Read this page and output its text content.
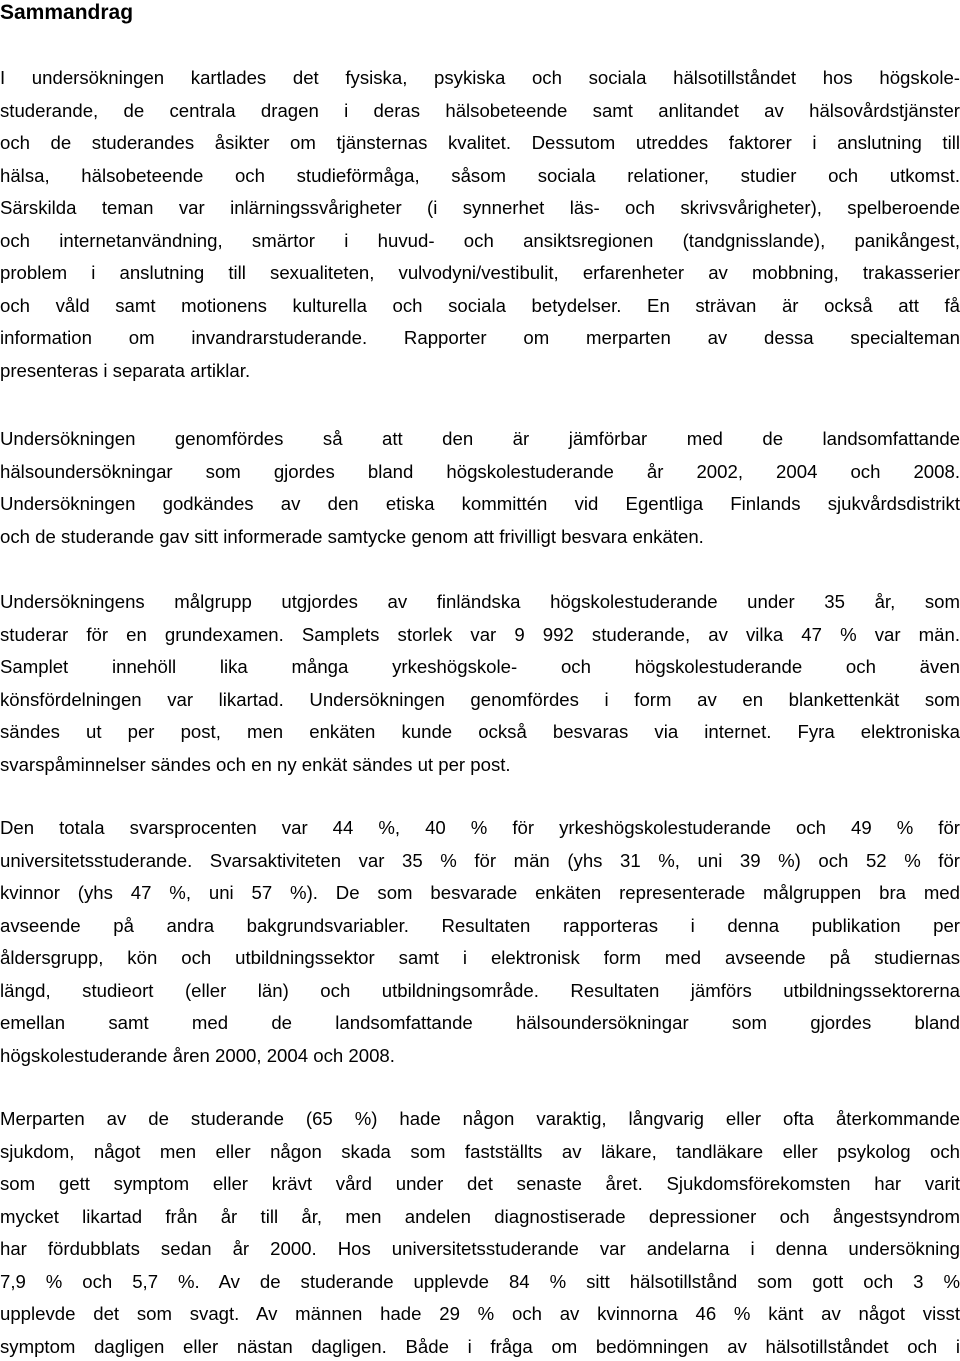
Sammandrag
I undersökningen kartlades det fysiska, psykiska och sociala hälsotillståndet hos högskole-
studerande, de centrala dragen i deras hälsobeteende samt anlitandet av hälsovårdstjänster
och de studerandes åsikter om tjänsternas kvalitet. Dessutom utreddes faktorer i anslutning till
hälsa, hälsobeteende och studieförmåga, såsom sociala relationer, studier och utkomst.
Särskilda teman var inlärningssvårigheter (i synnerhet läs- och skrivsvårigheter), spelberoende
och internetanvändning, smärtor i huvud- och ansiktsregionen (tandgnisslande), panikångest,
problem i anslutning till sexualiteten, vulvodyni/vestibulit, erfarenheter av mobbning, trakasserier
och våld samt motionens kulturella och sociala betydelser. En strävan är också att få
information om invandrarstuderande. Rapporter om merparten av dessa specialteman
presenteras i separata artiklar.
Undersökningen genomfördes så att den är jämförbar med de landsomfattande
hälsoundersökningar som gjordes bland högskolestuderande år 2002, 2004 och 2008.
Undersökningen godkändes av den etiska kommittén vid Egentliga Finlands sjukvårdsdistrikt
och de studerande gav sitt informerade samtycke genom att frivilligt besvara enkäten.
Undersökningens målgrupp utgjordes av finländska högskolestuderande under 35 år, som
studerar för en grundexamen. Samplets storlek var 9 992 studerande, av vilka 47 % var män.
Samplet innehöll lika många yrkeshögskole- och högskolestuderande och även
könsfördelningen var likartad. Undersökningen genomfördes i form av en blankettenkät som
sändes ut per post, men enkäten kunde också besvaras via internet. Fyra elektroniska
svarspåminnelser sändes och en ny enkät sändes ut per post.
Den totala svarsprocenten var 44 %, 40 % för yrkeshögskolestuderande och 49 % för
universitetsstuderande. Svarsaktiviteten var 35 % för män (yhs 31 %, uni 39 %) och 52 % för
kvinnor (yhs 47 %, uni 57 %). De som besvarade enkäten representerade målgruppen bra med
avseende på andra bakgrundsvariabler. Resultaten rapporteras i denna publikation per
åldersgrupp, kön och utbildningssektor samt i elektronisk form med avseende på studiernas
längd, studieort (eller län) och utbildningsområde. Resultaten jämförs utbildningssektorerna
emellan samt med de landsomfattande hälsoundersökningar som gjordes bland
högskolestuderande åren 2000, 2004 och 2008.
Merparten av de studerande (65 %) hade någon varaktig, långvarig eller ofta återkommande
sjukdom, något men eller någon skada som fastställts av läkare, tandläkare eller psykolog och
som gett symptom eller krävt vård under det senaste året. Sjukdomsförekomsten har varit
mycket likartad från år till år, men andelen diagnostiserade depressioner och ångestsyndrom
har fördubblats sedan år 2000. Hos universitetsstuderande var andelarna i denna undersökning
7,9 % och 5,7 %. Av de studerande upplevde 84 % sitt hälsotillstånd som gott och 3 %
upplevde det som svagt. Av männen hade 29 % och av kvinnorna 46 % känt av något visst
symptom dagligen eller nästan dagligen. Både i fråga om bedömningen av hälsotillståndet och i
